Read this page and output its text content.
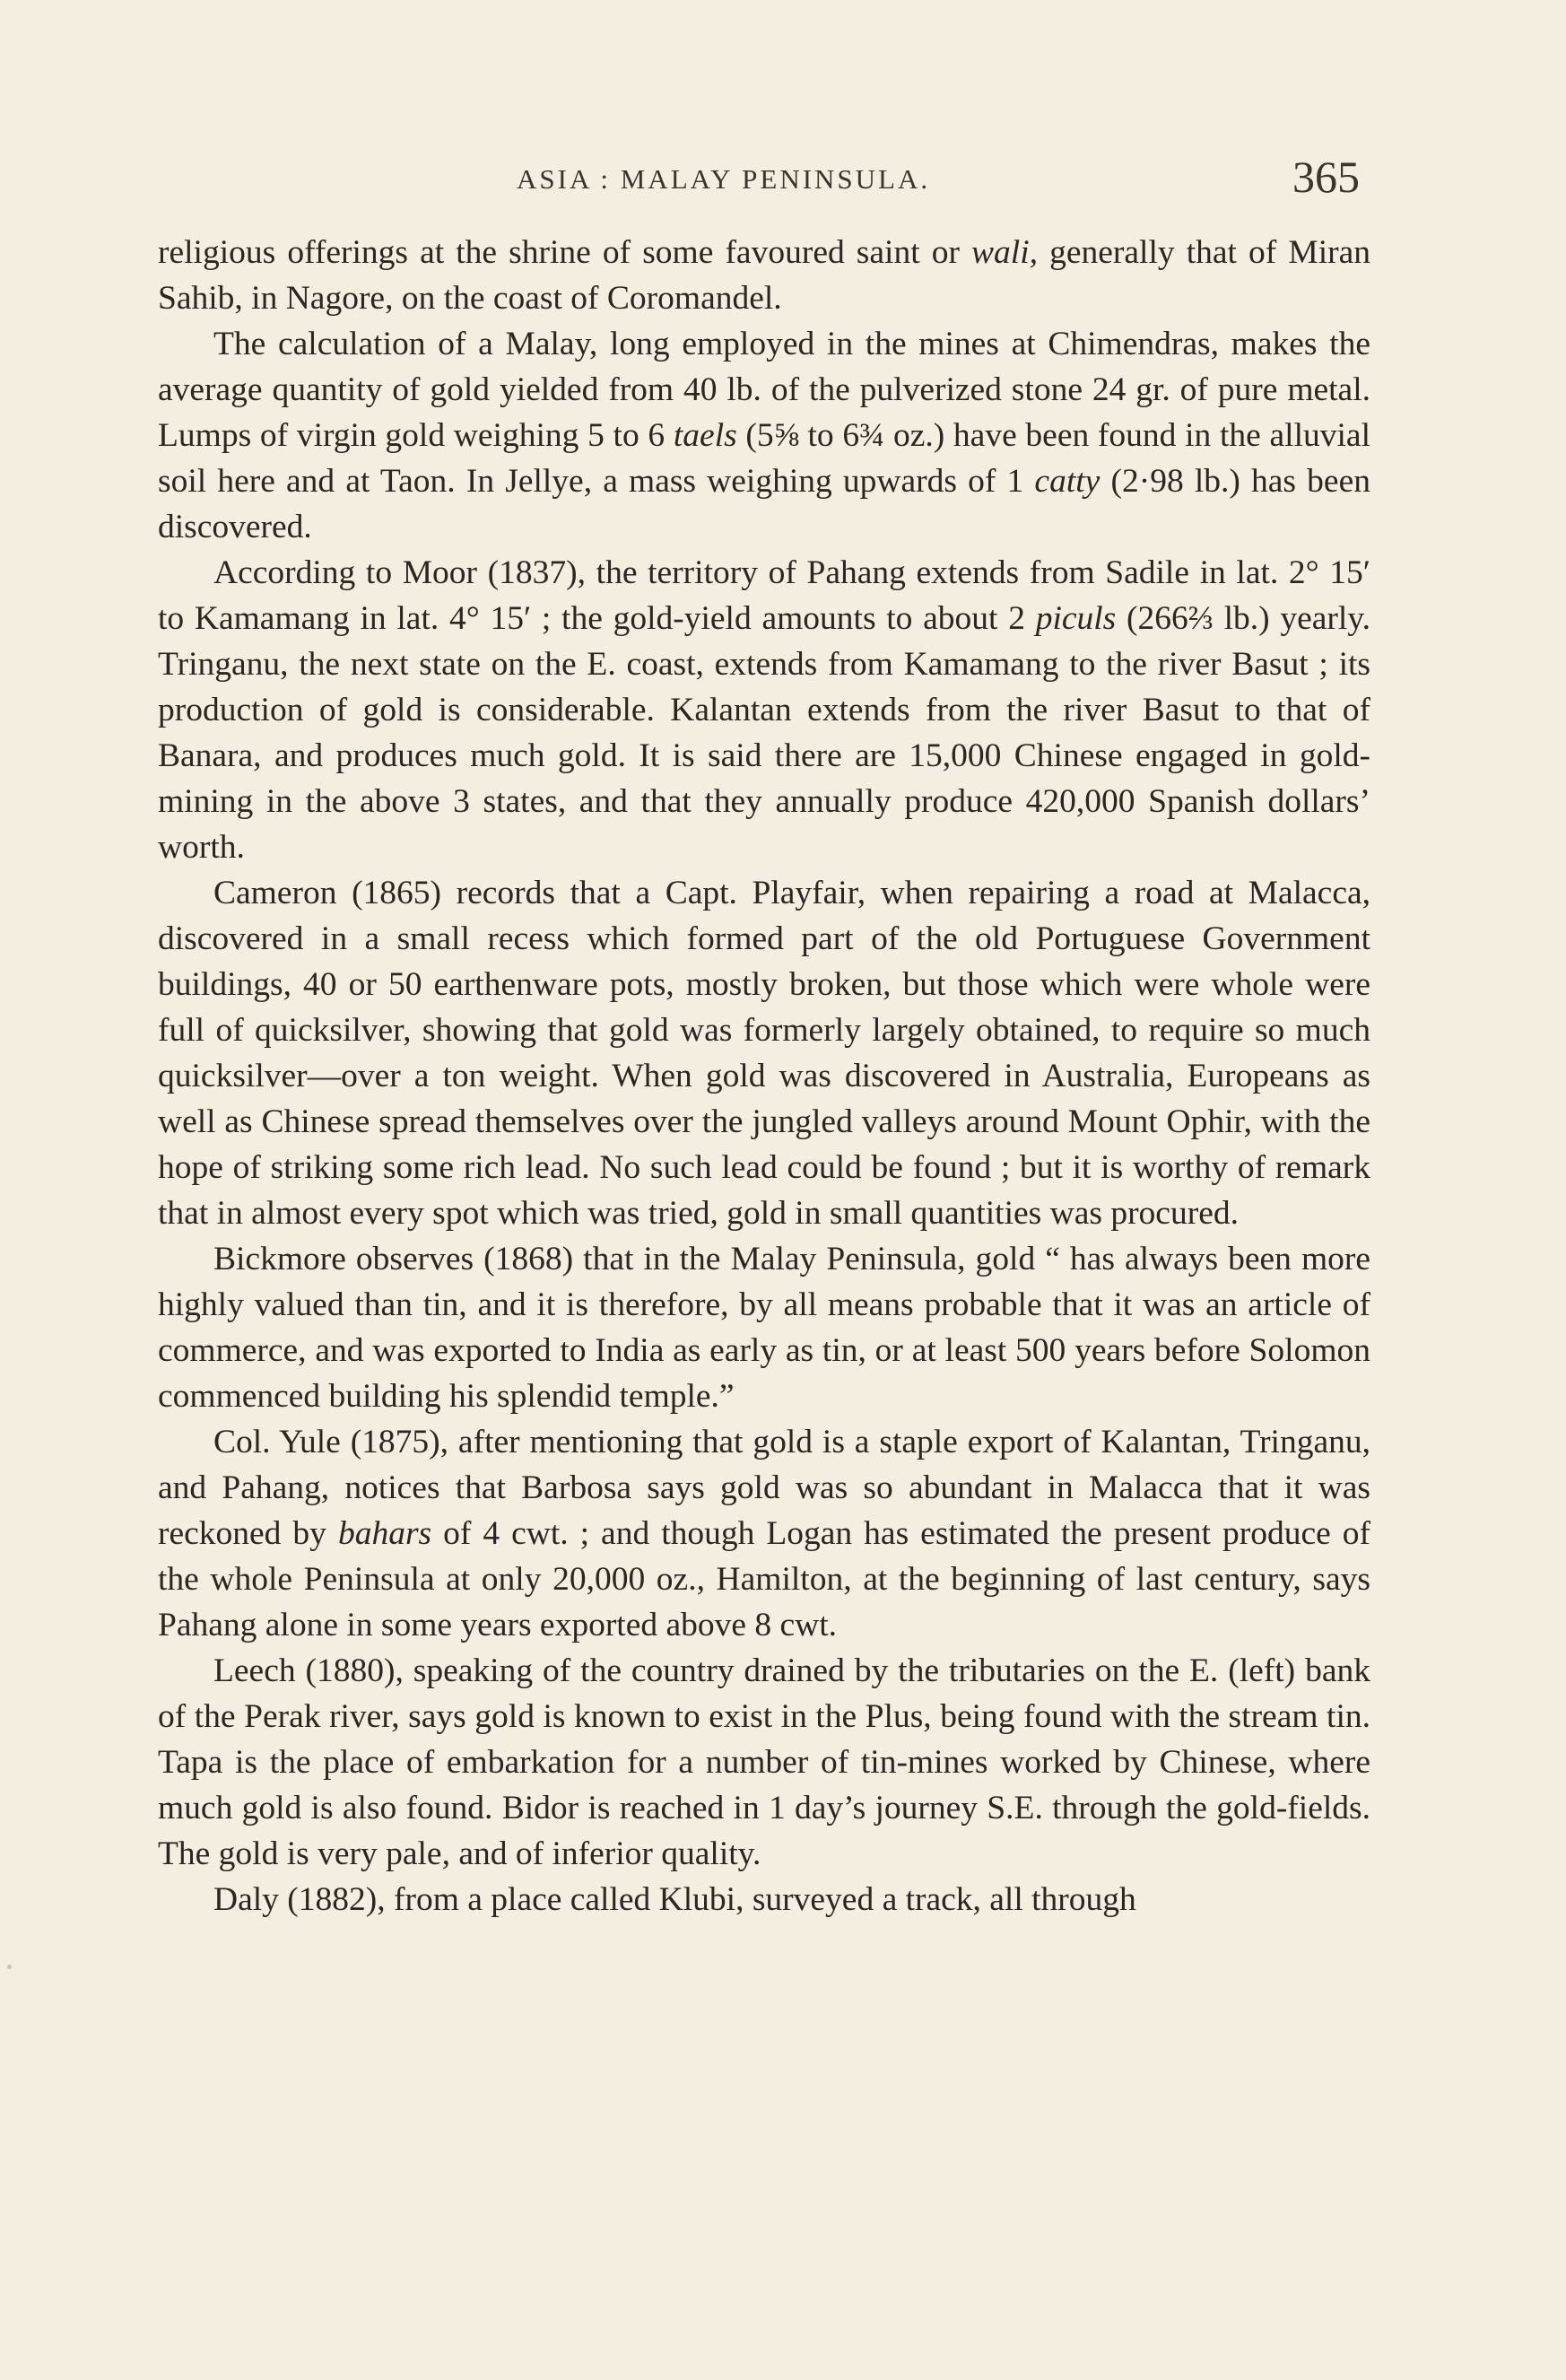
ASIA : MALAY PENINSULA.	365

religious offerings at the shrine of some favoured saint or wali, generally that of Miran Sahib, in Nagore, on the coast of Coromandel.

The calculation of a Malay, long employed in the mines at Chimendras, makes the average quantity of gold yielded from 40 lb. of the pulverized stone 24 gr. of pure metal. Lumps of virgin gold weighing 5 to 6 taels (5⅝ to 6¾ oz.) have been found in the alluvial soil here and at Taon. In Jellye, a mass weighing upwards of 1 catty (2·98 lb.) has been discovered.

According to Moor (1837), the territory of Pahang extends from Sadile in lat. 2° 15′ to Kamamang in lat. 4° 15′ ; the gold-yield amounts to about 2 piculs (266⅔ lb.) yearly. Tringanu, the next state on the E. coast, extends from Kamamang to the river Basut ; its production of gold is considerable. Kalantan extends from the river Basut to that of Banara, and produces much gold. It is said there are 15,000 Chinese engaged in gold-mining in the above 3 states, and that they annually produce 420,000 Spanish dollars’ worth.

Cameron (1865) records that a Capt. Playfair, when repairing a road at Malacca, discovered in a small recess which formed part of the old Portuguese Government buildings, 40 or 50 earthenware pots, mostly broken, but those which were whole were full of quicksilver, showing that gold was formerly largely obtained, to require so much quicksilver—over a ton weight. When gold was discovered in Australia, Europeans as well as Chinese spread themselves over the jungled valleys around Mount Ophir, with the hope of striking some rich lead. No such lead could be found ; but it is worthy of remark that in almost every spot which was tried, gold in small quantities was procured.

Bickmore observes (1868) that in the Malay Peninsula, gold “ has always been more highly valued than tin, and it is therefore, by all means probable that it was an article of commerce, and was exported to India as early as tin, or at least 500 years before Solomon commenced building his splendid temple.”

Col. Yule (1875), after mentioning that gold is a staple export of Kalantan, Tringanu, and Pahang, notices that Barbosa says gold was so abundant in Malacca that it was reckoned by bahars of 4 cwt. ; and though Logan has estimated the present produce of the whole Peninsula at only 20,000 oz., Hamilton, at the beginning of last century, says Pahang alone in some years exported above 8 cwt.

Leech (1880), speaking of the country drained by the tributaries on the E. (left) bank of the Perak river, says gold is known to exist in the Plus, being found with the stream tin. Tapa is the place of embarkation for a number of tin-mines worked by Chinese, where much gold is also found. Bidor is reached in 1 day’s journey S.E. through the gold-fields. The gold is very pale, and of inferior quality.

Daly (1882), from a place called Klubi, surveyed a track, all through
